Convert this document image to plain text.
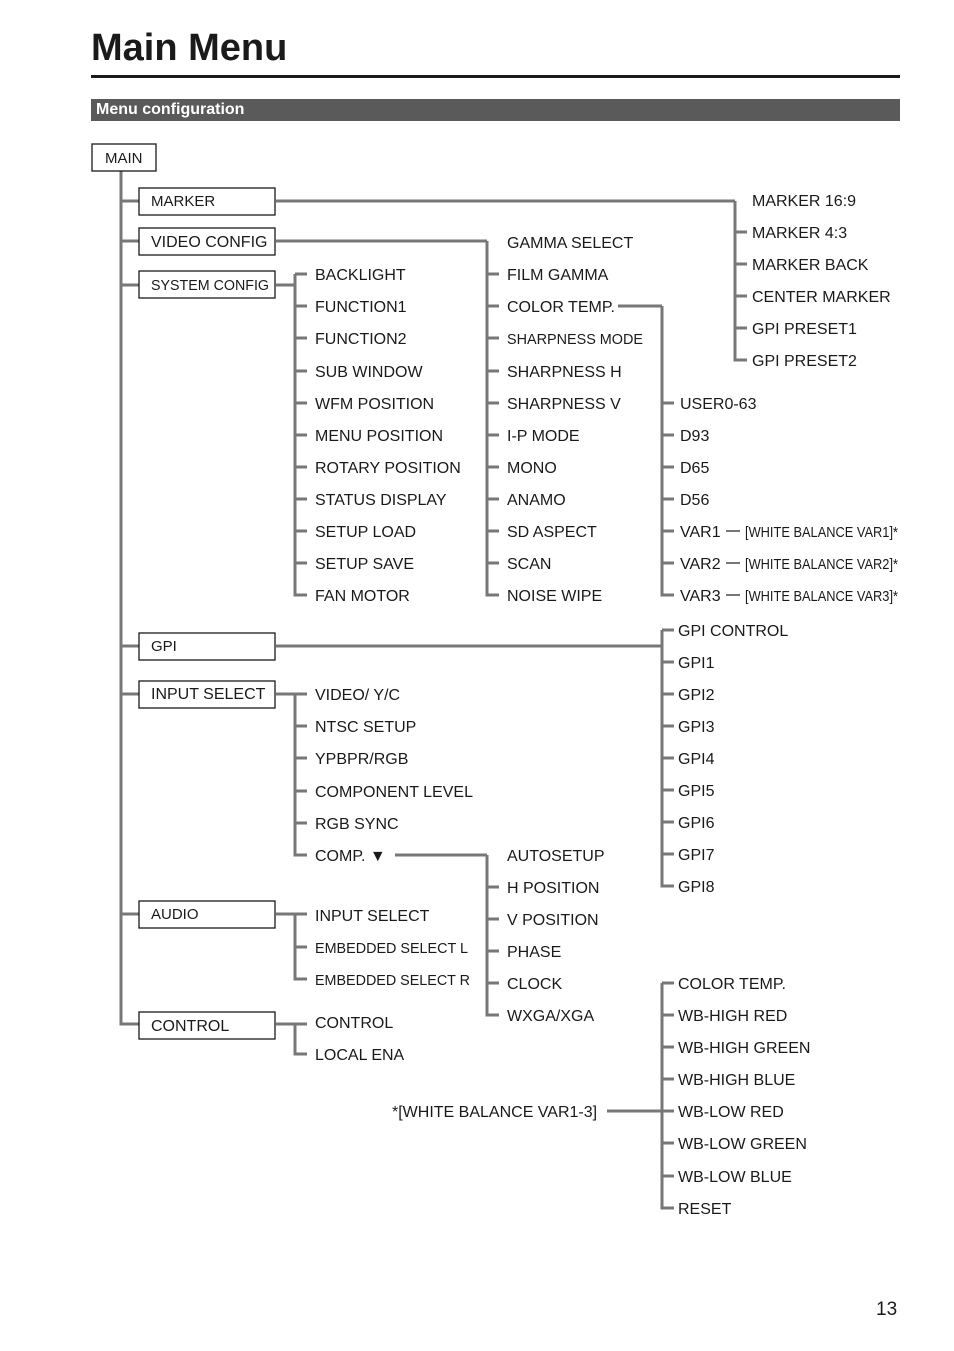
Main Menu
Menu configuration
MAIN
MARKER
VIDEO CONFIG
SYSTEM CONFIG
GPI
INPUT SELECT
AUDIO
CONTROL
MARKER 16:9
MARKER 4:3
MARKER BACK
CENTER MARKER
GPI PRESET1
GPI PRESET2
GAMMA SELECT
FILM GAMMA
COLOR TEMP.
SHARPNESS MODE
SHARPNESS H
SHARPNESS V
I-P MODE
MONO
ANAMO
SD ASPECT
SCAN
NOISE WIPE
USER0-63
D93
D65
D56
VAR1
VAR2
VAR3
[WHITE BALANCE VAR1]*
[WHITE BALANCE VAR2]*
[WHITE BALANCE VAR3]*
BACKLIGHT
FUNCTION1
FUNCTION2
SUB WINDOW
WFM POSITION
MENU POSITION
ROTARY POSITION
STATUS DISPLAY
SETUP LOAD
SETUP SAVE
FAN MOTOR
GPI CONTROL
GPI1
GPI2
GPI3
GPI4
GPI5
GPI6
GPI7
GPI8
VIDEO/ Y/C
NTSC SETUP
YPBPR/RGB
COMPONENT LEVEL
RGB SYNC
COMP. ▼	AUTOSETUP
H POSITION
V POSITION
PHASE
CLOCK
WXGA/XGA
INPUT SELECT
EMBEDDED SELECT L
EMBEDDED SELECT R
CONTROL
LOCAL ENA
*[WHITE BALANCE VAR1-3]
COLOR TEMP.
WB-HIGH RED
WB-HIGH GREEN
WB-HIGH BLUE
WB-LOW RED
WB-LOW GREEN
WB-LOW BLUE
RESET
13
